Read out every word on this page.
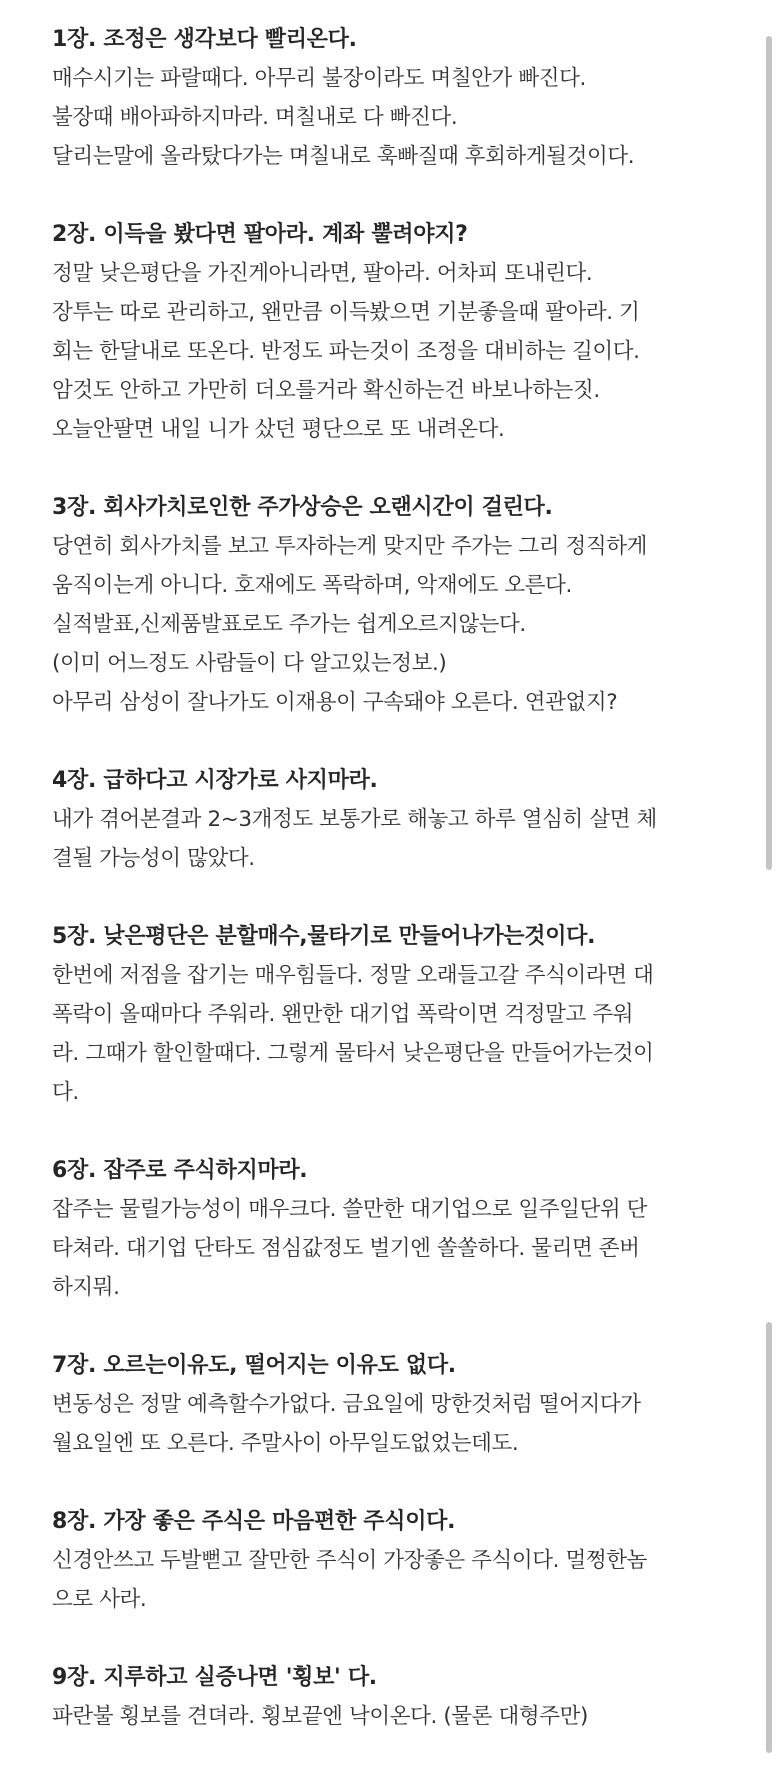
1장. 조정은 생각보다 빨리온다.

매수시기는 파랄때다. 아무리 불장이라도 며칠안가 빠진다.

불장때 배아파하지마라. 며칠내로 다 빠진다.

달리는말에 올라탔다가는 며칠내로 훅빠질때 후회하게될것이다.

2장. 이득을 봤다면 팔아라. 계좌 뿔려야지?

정말 낮은평단을 가진게아니라면, 팔아라. 어차피 또내린다.

장투는 따로 관리하고, 왠만큼 이득봤으면 기분좋을때 팔아라. 기

회는 한달내로 또온다. 반정도 파는것이 조정을 대비하는 길이다.

암것도 안하고 가만히 더오를거라 확신하는건 바보나하는짓.

오늘안팔면 내일 니가 샀던 평단으로 또 내려온다.

3장. 회사가치로인한 주가상승은 오랜시간이 걸린다.

당연히 회사가치를 보고 투자하는게 맞지만 주가는 그리 정직하게

움직이는게 아니다. 호재에도 폭락하며, 악재에도 오른다.

실적발표,신제품발표로도 주가는 쉽게오르지않는다.

(이미 어느정도 사람들이 다 알고있는정보.)

아무리 삼성이 잘나가도 이재용이 구속돼야 오른다. 연관없지?

4장. 급하다고 시장가로 사지마라.

내가 겪어본결과 2~3개정도 보통가로 해놓고 하루 열심히 살면 체

결될 가능성이 많았다.

5장. 낮은평단은 분할매수,물타기로 만들어나가는것이다.

한번에 저점을 잡기는 매우힘들다. 정말 오래들고갈 주식이라면 대

폭락이 올때마다 주워라. 왠만한 대기업 폭락이면 걱정말고 주워

라. 그때가 할인할때다. 그렇게 물타서 낮은평단을 만들어가는것이

다.

6장. 잡주로 주식하지마라.

잡주는 물릴가능성이 매우크다. 쓸만한 대기업으로 일주일단위 단

타쳐라. 대기업 단타도 점심값정도 벌기엔 쏠쏠하다. 물리면 존버

하지뭐.

7장. 오르는이유도, 떨어지는 이유도 없다.

변동성은 정말 예측할수가없다. 금요일에 망한것처럼 떨어지다가

월요일엔 또 오른다. 주말사이 아무일도없었는데도.

8장. 가장 좋은 주식은 마음편한 주식이다.

신경안쓰고 두발뻗고 잘만한 주식이 가장좋은 주식이다. 멀쩡한놈

으로 사라.

9장. 지루하고 실증나면 '횡보' 다.

파란불 횡보를 견뎌라. 횡보끝엔 낙이온다. (물론 대형주만)
